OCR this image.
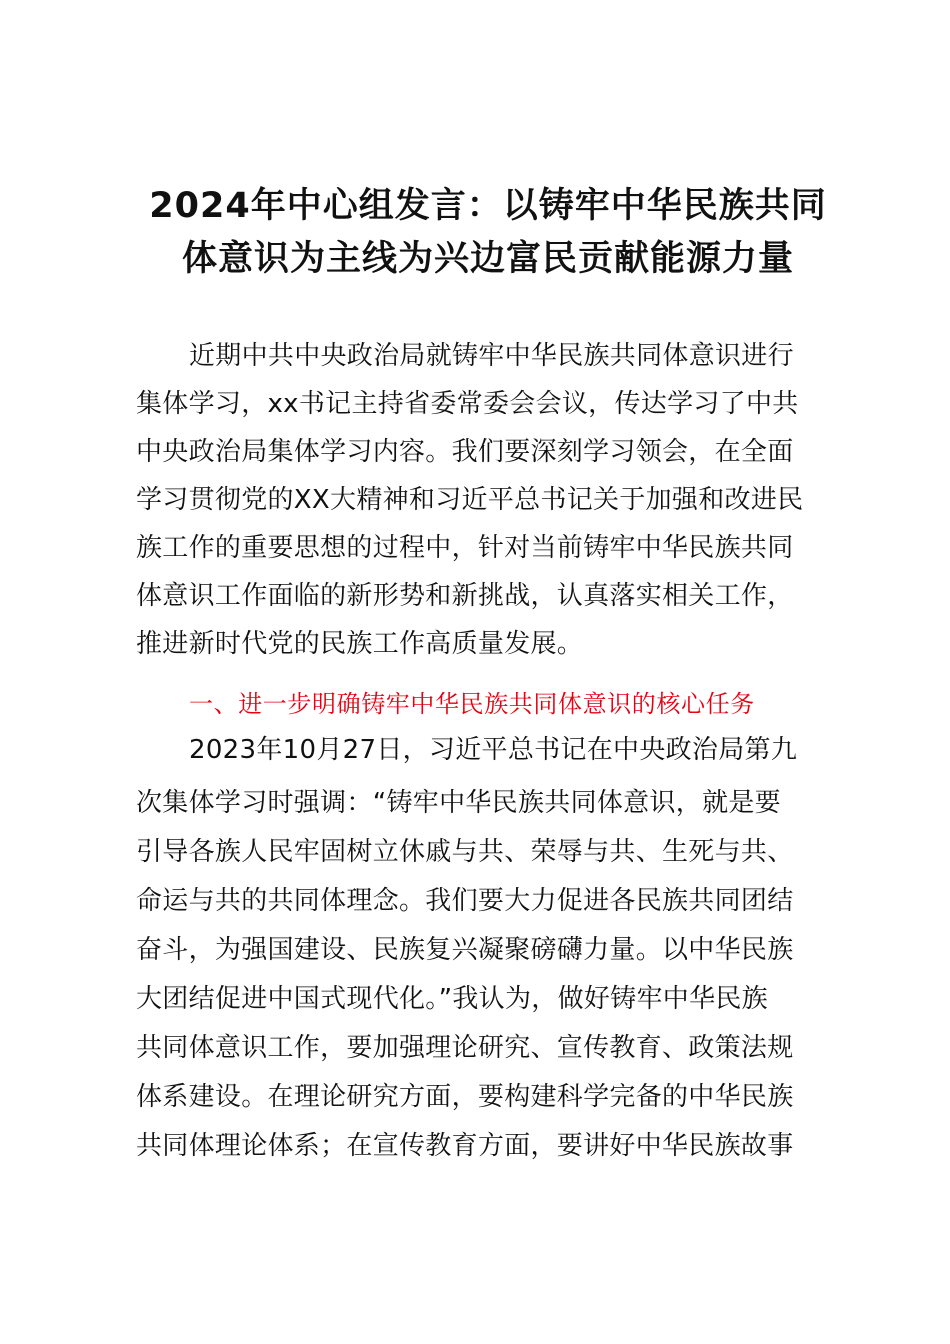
2024年中心组发言：以铸牢中华民族共同
体意识为主线为兴边富民贡献能源力量
近期中共中央政治局就铸牢中华民族共同体意识进行
集体学习，xx书记主持省委常委会会议，传达学习了中共
中央政治局集体学习内容。我们要深刻学习领会，在全面
学习贯彻党的XX大精神和习近平总书记关于加强和改进民
族工作的重要思想的过程中，针对当前铸牢中华民族共同
体意识工作面临的新形势和新挑战，认真落实相关工作，
推进新时代党的民族工作高质量发展。
一、进一步明确铸牢中华民族共同体意识的核心任务
2023年10月27日，习近平总书记在中央政治局第九
次集体学习时强调：“铸牢中华民族共同体意识，就是要
引导各族人民牢固树立休戚与共、荣辱与共、生死与共、
命运与共的共同体理念。我们要大力促进各民族共同团结
奋斗，为强国建设、民族复兴凝聚磅礴力量。以中华民族
大团结促进中国式现代化。”我认为，做好铸牢中华民族
共同体意识工作，要加强理论研究、宣传教育、政策法规
体系建设。在理论研究方面，要构建科学完备的中华民族
共同体理论体系；在宣传教育方面，要讲好中华民族故事
